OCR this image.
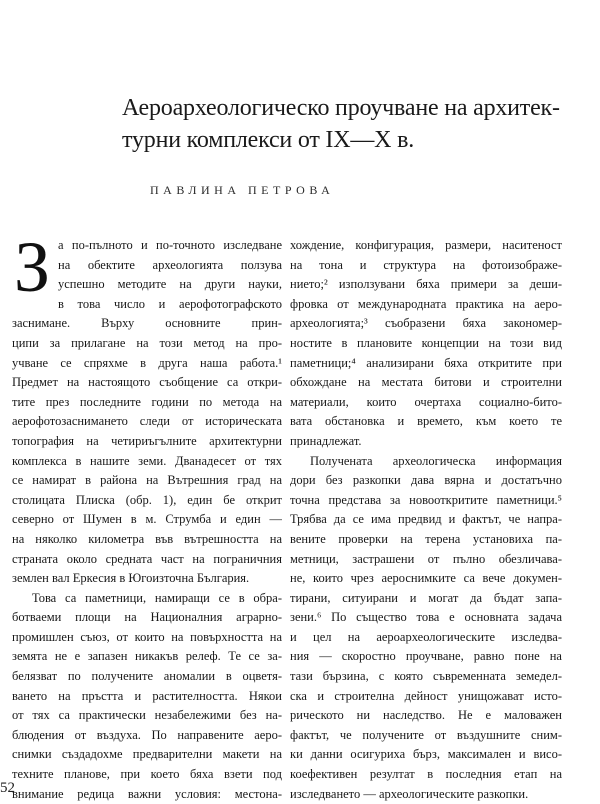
Аероархеологическо проучване на архитек-
турни комплекси от IX—X в.
ПАВЛИНА ПЕТРОВА
З а по-пълното и по-точното изследване
на обектите археологията ползува
успешно методите на други науки,
в това число и аерофотографското
заснимане. Върху основните прин-
ципи за прилагане на този метод на про-
учване се спряхме в друга наша работа.¹
Предмет на настоящото съобщение са откри-
тите през последните години по метода на
аерофотозаснимането следи от историческата
топография на четириъгълните архитектурни
комплекса в нашите земи. Дванадесет от тях
се намират в района на Вътрешния град на
столицата Плиска (обр. 1), един бе открит
северно от Шумен в м. Струмба и един —
на няколко километра във вътрешността на
страната около средната част на пограничния
землен вал Еркесия в Югоизточна България.
Това са паметници, намиращи се в обра-
ботваеми площи на Националния аграрно-
промишлен съюз, от които на повърхността на
земята не е запазен никакъв релеф. Те се за-
белязват по получените аномалии в оцветя-
ването на пръстта и растителността. Някои
от тях са практически незабележими без на-
блюдения от въздуха. По направените аеро-
снимки създадохме предварителни макети на
техните планове, при което бяха взети под
внимание редица важни условия: местона-
хождение, конфигурация, размери, наситеност
на тона и структура на фотоизображе-
нието;² използувани бяха примери за деши-
фровка от международната практика на аеро-
археологията;³ съобразени бяха закономер-
ностите в плановите концепции на този вид
паметници;⁴ анализирани бяха откритите при
обхождане на местата битови и строителни
материали, които очертаха социално-бито-
вата обстановка и времето, към което те
принадлежат.
Получената археологическа информация
дори без разкопки дава вярна и достатъчно
точна представа за новооткритите паметници.⁵
Трябва да се има предвид и фактът, че напра-
вените проверки на терена установиха па-
метници, застрашени от пълно обезличава-
не, които чрез аероснимките са вече докумен-
тирани, ситуирани и могат да бъдат запа-
зени.⁶ По същество това е основната задача
и цел на аероархеологическите изследва-
ния — скоростно проучване, равно поне на
тази бързина, с която съвременната земедел-
ска и строителна дейност унищожават исто-
рическото ни наследство. Не е маловажен
фактът, че получените от въздушните сним-
ки данни осигуриха бърз, максимален и висо-
коефективен резултат в последния етап на
изследването — археологическите разкопки.
52
